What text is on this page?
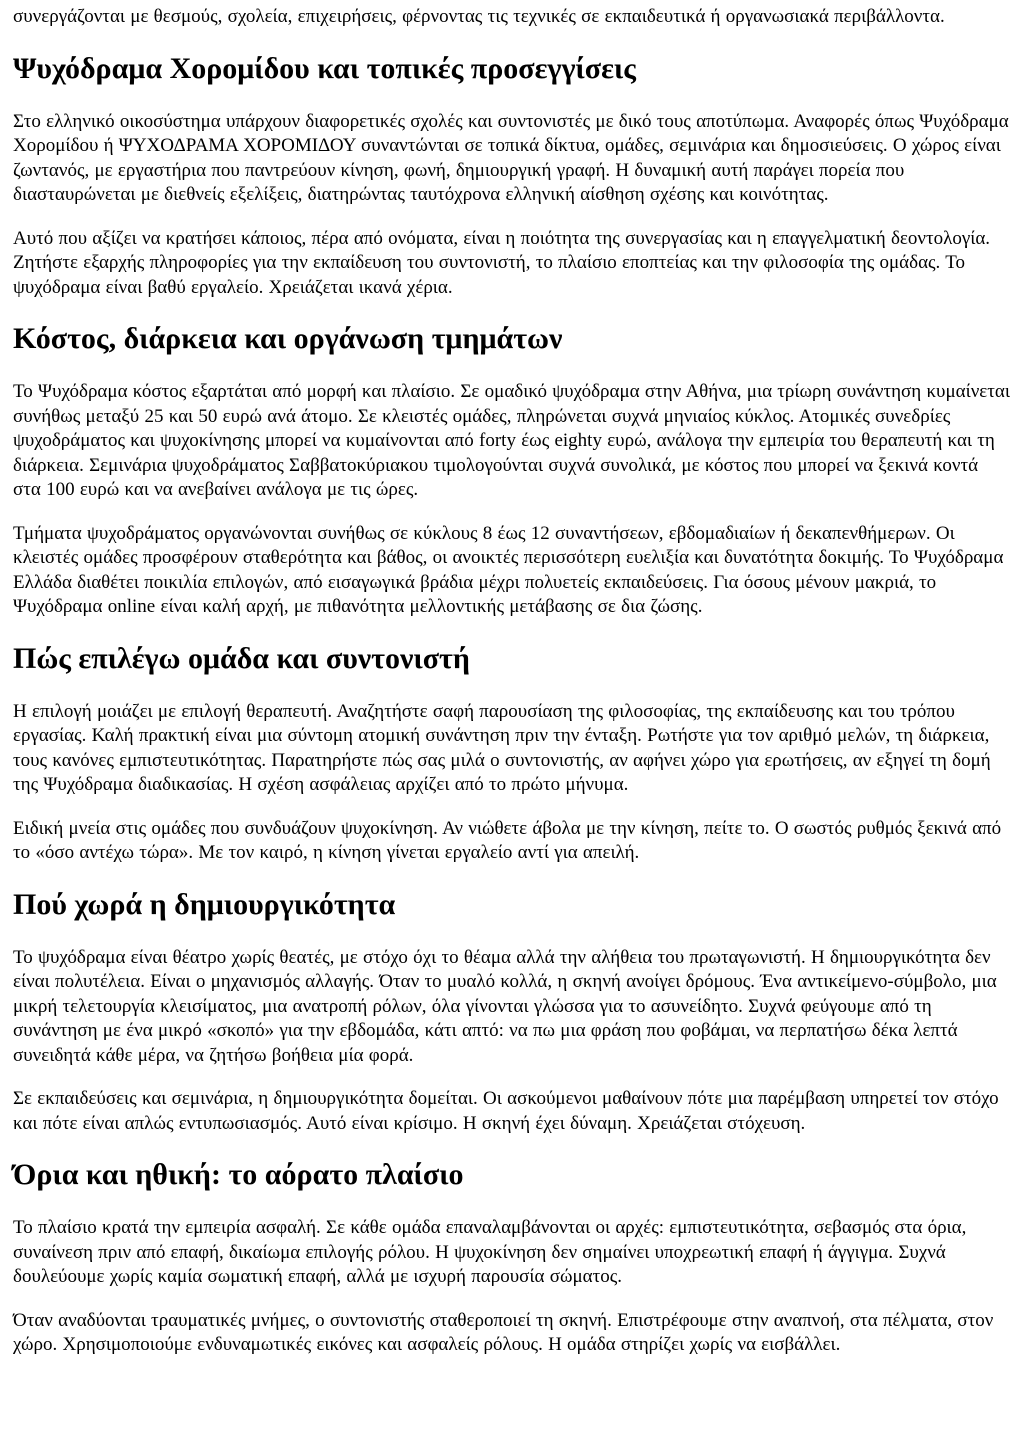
συνεργάζονται με θεσμούς, σχολεία, επιχειρήσεις, φέρνοντας τις τεχνικές σε εκπαιδευτικά ή οργανωσιακά περιβάλλοντα.

Ψυχόδραμα Χορομίδου και τοπικές προσεγγίσεις

Στο ελληνικό οικοσύστημα υπάρχουν διαφορετικές σχολές και συντονιστές με δικό τους αποτύπωμα. Αναφορές όπως Ψυχόδραμα Χορομίδου ή ΨΥΧΟΔΡΑΜΑ ΧΟΡΟΜΙΔΟΥ συναντώνται σε τοπικά δίκτυα, ομάδες, σεμινάρια και δημοσιεύσεις. Ο χώρος είναι ζωντανός, με εργαστήρια που παντρεύουν κίνηση, φωνή, δημιουργική γραφή. Η δυναμική αυτή παράγει πορεία που διασταυρώνεται με διεθνείς εξελίξεις, διατηρώντας ταυτόχρονα ελληνική αίσθηση σχέσης και κοινότητας.

Αυτό που αξίζει να κρατήσει κάποιος, πέρα από ονόματα, είναι η ποιότητα της συνεργασίας και η επαγγελματική δεοντολογία. Ζητήστε εξαρχής πληροφορίες για την εκπαίδευση του συντονιστή, το πλαίσιο εποπτείας και την φιλοσοφία της ομάδας. Το ψυχόδραμα είναι βαθύ εργαλείο. Χρειάζεται ικανά χέρια.

Κόστος, διάρκεια και οργάνωση τμημάτων

Το Ψυχόδραμα κόστος εξαρτάται από μορφή και πλαίσιο. Σε ομαδικό ψυχόδραμα στην Αθήνα, μια τρίωρη συνάντηση κυμαίνεται συνήθως μεταξύ 25 και 50 ευρώ ανά άτομο. Σε κλειστές ομάδες, πληρώνεται συχνά μηνιαίος κύκλος. Ατομικές συνεδρίες ψυχοδράματος και ψυχοκίνησης μπορεί να κυμαίνονται από forty έως eighty ευρώ, ανάλογα την εμπειρία του θεραπευτή και τη διάρκεια. Σεμινάρια ψυχοδράματος Σαββατοκύριακου τιμολογούνται συχνά συνολικά, με κόστος που μπορεί να ξεκινά κοντά στα 100 ευρώ και να ανεβαίνει ανάλογα με τις ώρες.

Τμήματα ψυχοδράματος οργανώνονται συνήθως σε κύκλους 8 έως 12 συναντήσεων, εβδομαδιαίων ή δεκαπενθήμερων. Οι κλειστές ομάδες προσφέρουν σταθερότητα και βάθος, οι ανοικτές περισσότερη ευελιξία και δυνατότητα δοκιμής. Το Ψυχόδραμα Ελλάδα διαθέτει ποικιλία επιλογών, από εισαγωγικά βράδια μέχρι πολυετείς εκπαιδεύσεις. Για όσους μένουν μακριά, το Ψυχόδραμα online είναι καλή αρχή, με πιθανότητα μελλοντικής μετάβασης σε δια ζώσης.

Πώς επιλέγω ομάδα και συντονιστή

Η επιλογή μοιάζει με επιλογή θεραπευτή. Αναζητήστε σαφή παρουσίαση της φιλοσοφίας, της εκπαίδευσης και του τρόπου εργασίας. Καλή πρακτική είναι μια σύντομη ατομική συνάντηση πριν την ένταξη. Ρωτήστε για τον αριθμό μελών, τη διάρκεια, τους κανόνες εμπιστευτικότητας. Παρατηρήστε πώς σας μιλά ο συντονιστής, αν αφήνει χώρο για ερωτήσεις, αν εξηγεί τη δομή της Ψυχόδραμα διαδικασίας. Η σχέση ασφάλειας αρχίζει από το πρώτο μήνυμα.

Ειδική μνεία στις ομάδες που συνδυάζουν ψυχοκίνηση. Αν νιώθετε άβολα με την κίνηση, πείτε το. Ο σωστός ρυθμός ξεκινά από το «όσο αντέχω τώρα». Με τον καιρό, η κίνηση γίνεται εργαλείο αντί για απειλή.

Πού χωρά η δημιουργικότητα

Το ψυχόδραμα είναι θέατρο χωρίς θεατές, με στόχο όχι το θέαμα αλλά την αλήθεια του πρωταγωνιστή. Η δημιουργικότητα δεν είναι πολυτέλεια. Είναι ο μηχανισμός αλλαγής. Όταν το μυαλό κολλά, η σκηνή ανοίγει δρόμους. Ένα αντικείμενο-σύμβολο, μια μικρή τελετουργία κλεισίματος, μια ανατροπή ρόλων, όλα γίνονται γλώσσα για το ασυνείδητο. Συχνά φεύγουμε από τη συνάντηση με ένα μικρό «σκοπό» για την εβδομάδα, κάτι απτό: να πω μια φράση που φοβάμαι, να περπατήσω δέκα λεπτά συνειδητά κάθε μέρα, να ζητήσω βοήθεια μία φορά.

Σε εκπαιδεύσεις και σεμινάρια, η δημιουργικότητα δομείται. Οι ασκούμενοι μαθαίνουν πότε μια παρέμβαση υπηρετεί τον στόχο και πότε είναι απλώς εντυπωσιασμός. Αυτό είναι κρίσιμο. Η σκηνή έχει δύναμη. Χρειάζεται στόχευση.

Όρια και ηθική: το αόρατο πλαίσιο

Το πλαίσιο κρατά την εμπειρία ασφαλή. Σε κάθε ομάδα επαναλαμβάνονται οι αρχές: εμπιστευτικότητα, σεβασμός στα όρια, συναίνεση πριν από επαφή, δικαίωμα επιλογής ρόλου. Η ψυχοκίνηση δεν σημαίνει υποχρεωτική επαφή ή άγγιγμα. Συχνά δουλεύουμε χωρίς καμία σωματική επαφή, αλλά με ισχυρή παρουσία σώματος.

Όταν αναδύονται τραυματικές μνήμες, ο συντονιστής σταθεροποιεί τη σκηνή. Επιστρέφουμε στην αναπνοή, στα πέλματα, στον χώρο. Χρησιμοποιούμε ενδυναμωτικές εικόνες και ασφαλείς ρόλους. Η ομάδα στηρίζει χωρίς να εισβάλλει.
